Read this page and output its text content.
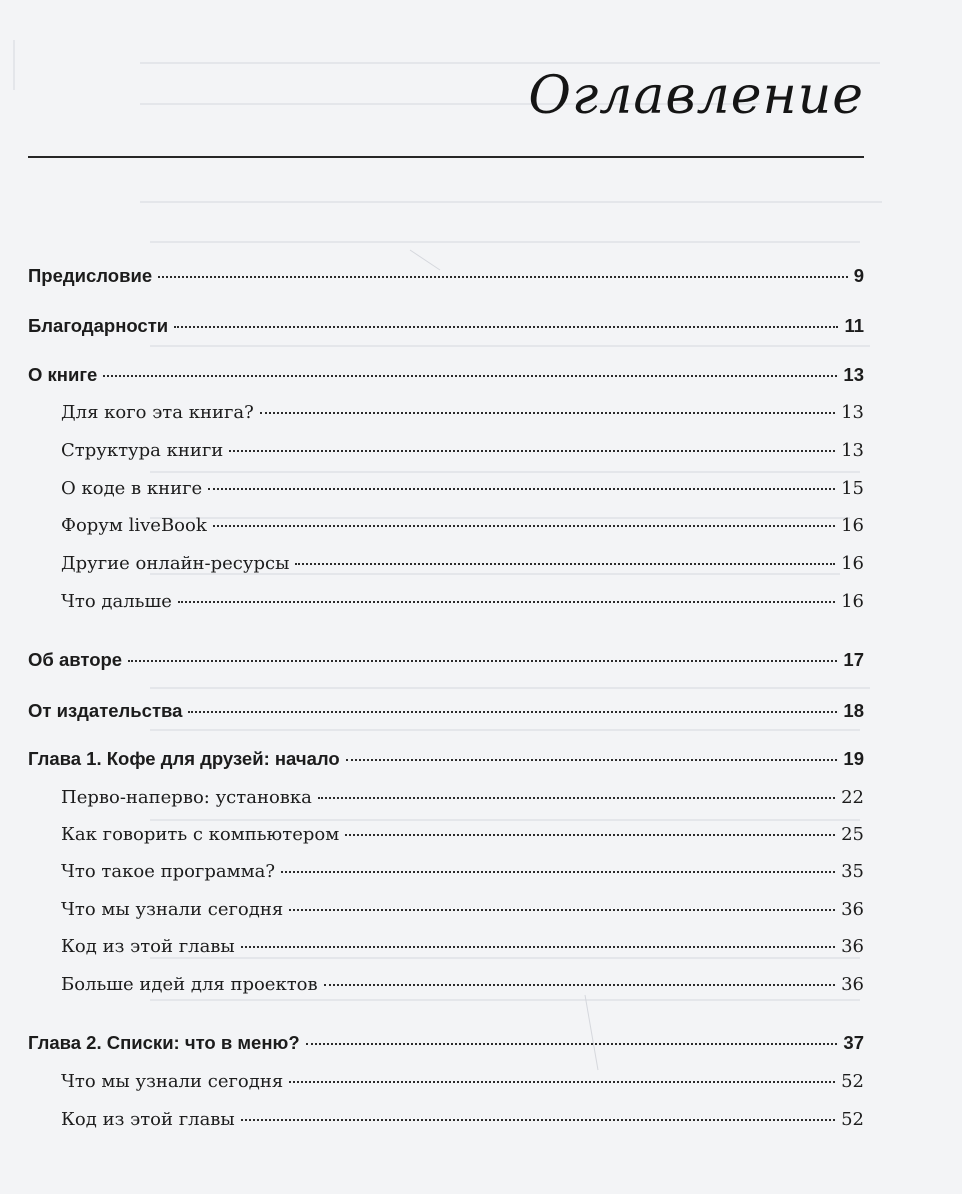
Оглавление
Предисловие	9
Благодарности	11
О книге	13
Для кого эта книга?	13
Структура книги	13
О коде в книге	15
Форум liveBook	16
Другие онлайн-ресурсы	16
Что дальше	16
Об авторе	17
От издательства	18
Глава 1. Кофе для друзей: начало	19
Перво-наперво: установка	22
Как говорить с компьютером	25
Что такое программа?	35
Что мы узнали сегодня	36
Код из этой главы	36
Больше идей для проектов	36
Глава 2. Списки: что в меню?	37
Что мы узнали сегодня	52
Код из этой главы	52
